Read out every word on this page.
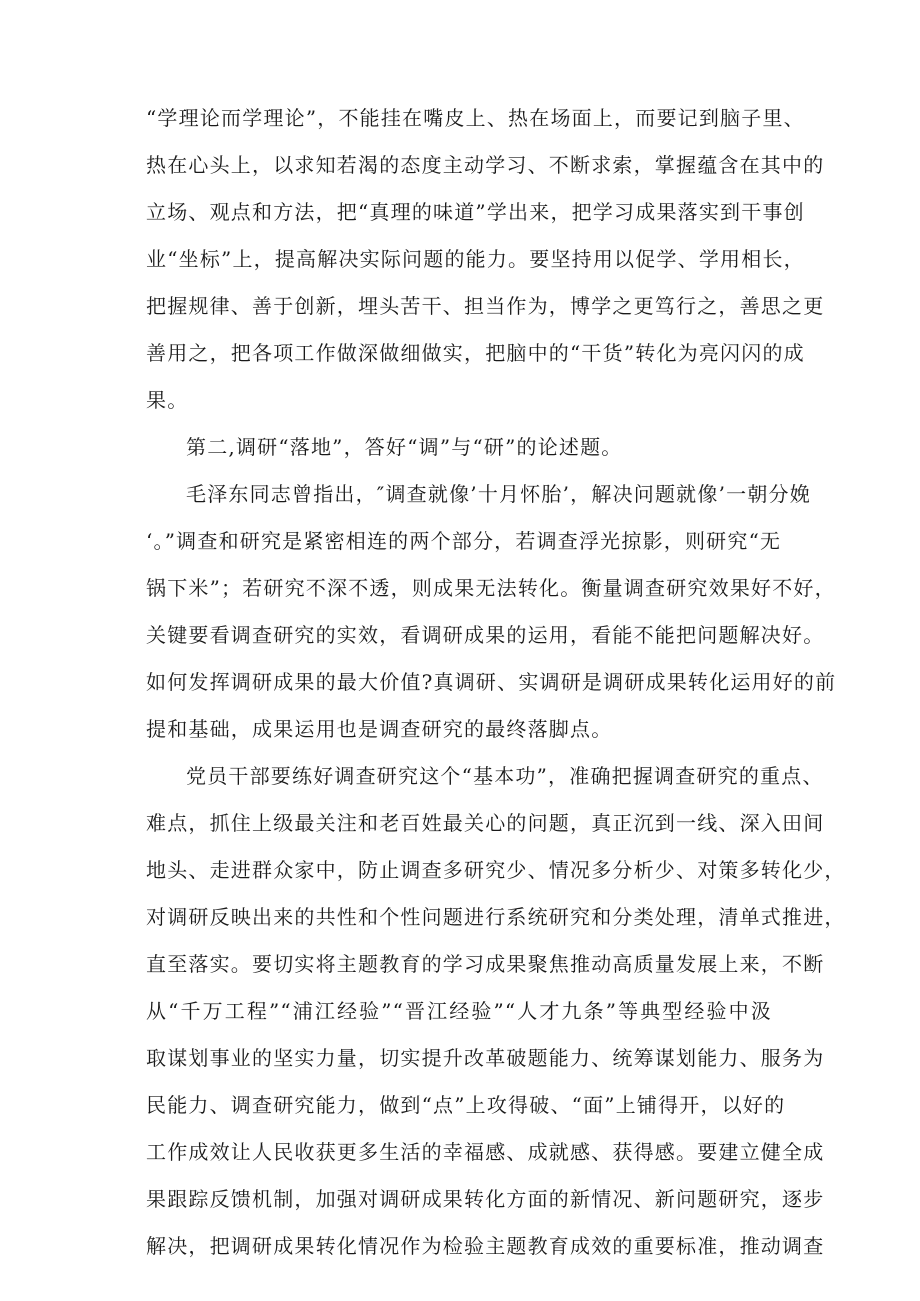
“学理论而学理论”，不能挂在嘴皮上、热在场面上，而要记到脑子里、

热在心头上，以求知若渴的态度主动学习、不断求索，掌握蕴含在其中的

立场、观点和方法，把“真理的味道”学出来，把学习成果落实到干事创

业“坐标”上，提高解决实际问题的能力。要坚持用以促学、学用相长，

把握规律、善于创新，埋头苦干、担当作为，博学之更笃行之，善思之更

善用之，把各项工作做深做细做实，把脑中的“干货”转化为亮闪闪的成

果。

第二,调研“落地”，答好“调”与“研”的论述题。

毛泽东同志曾指出，″调查就像’十月怀胎’，解决问题就像’一朝分娩

‘。”调查和研究是紧密相连的两个部分，若调查浮光掠影，则研究“无

锅下米”；若研究不深不透，则成果无法转化。衡量调查研究效果好不好，

关键要看调查研究的实效，看调研成果的运用，看能不能把问题解决好。

如何发挥调研成果的最大价值?真调研、实调研是调研成果转化运用好的前

提和基础，成果运用也是调查研究的最终落脚点。

党员干部要练好调查研究这个“基本功”，准确把握调查研究的重点、

难点，抓住上级最关注和老百姓最关心的问题，真正沉到一线、深入田间

地头、走进群众家中，防止调查多研究少、情况多分析少、对策多转化少，

对调研反映出来的共性和个性问题进行系统研究和分类处理，清单式推进，

直至落实。要切实将主题教育的学习成果聚焦推动高质量发展上来，不断

从“千万工程”“浦江经验”“晋江经验”“人才九条”等典型经验中汲

取谋划事业的坚实力量，切实提升改革破题能力、统筹谋划能力、服务为

民能力、调查研究能力，做到“点”上攻得破、“面”上铺得开，以好的

工作成效让人民收获更多生活的幸福感、成就感、获得感。要建立健全成

果跟踪反馈机制，加强对调研成果转化方面的新情况、新问题研究，逐步

解决，把调研成果转化情况作为检验主题教育成效的重要标准，推动调查
